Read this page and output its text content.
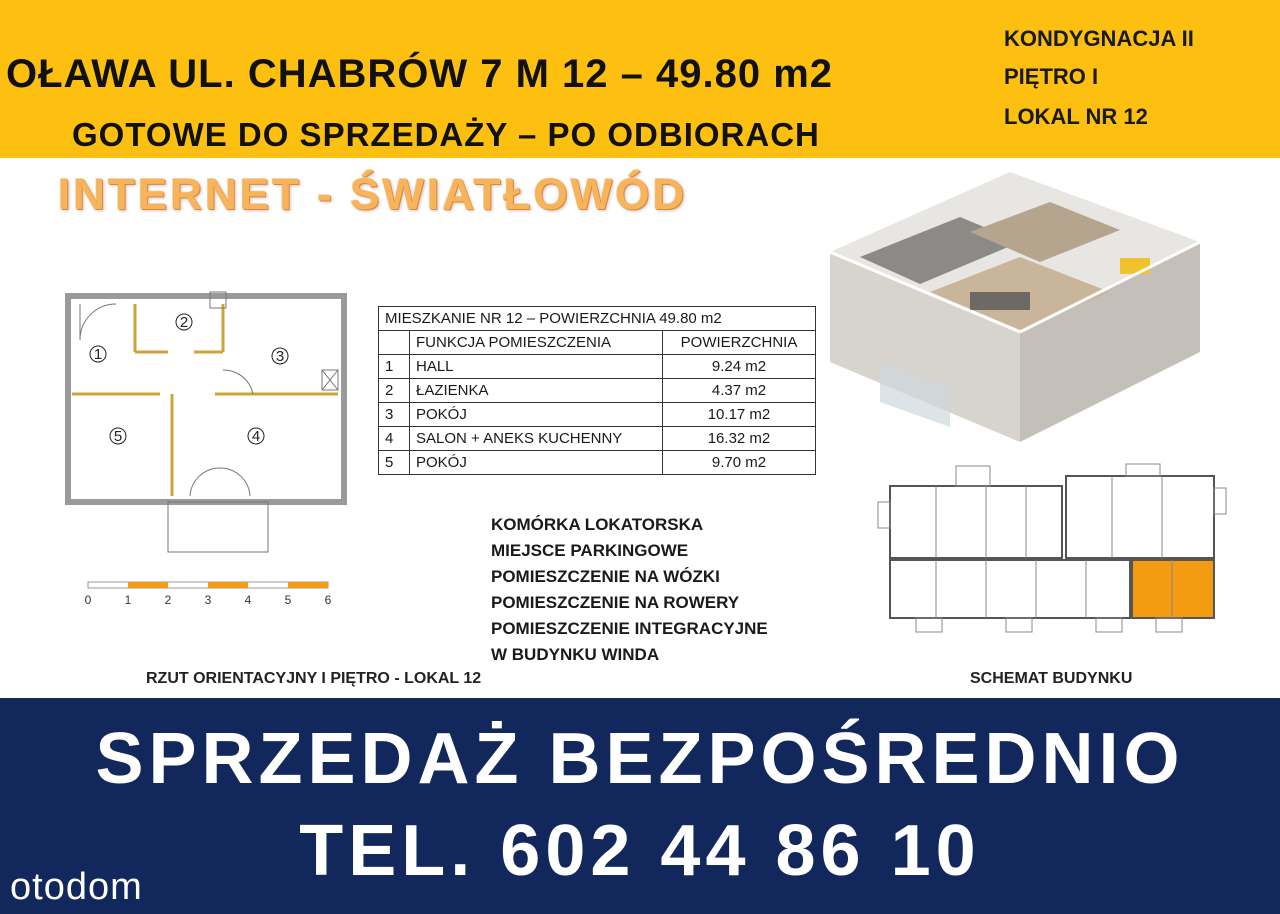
OŁAWA UL. CHABRÓW 7 M 12 – 49.80 m2
GOTOWE DO SPRZEDAŻY – PO ODBIORACH
KONDYGNACJA II
PIĘTRO I
LOKAL NR 12
INTERNET - ŚWIATŁOWÓD
1
2
3
4
5
0	1	2	3	4	5	6
RZUT ORIENTACYJNY I PIĘTRO - LOKAL 12
MIESZKANIE NR 12 – POWIERZCHNIA 49.80 m2		
	FUNKCJA POMIESZCZENIA	POWIERZCHNIA
1	HALL	9.24 m2
2	ŁAZIENKA	4.37 m2
3	POKÓJ	10.17 m2
4	SALON + ANEKS KUCHENNY	16.32 m2
5	POKÓJ	9.70 m2
KOMÓRKA LOKATORSKA
MIEJSCE PARKINGOWE
POMIESZCZENIE NA WÓZKI
POMIESZCZENIE NA ROWERY
POMIESZCZENIE INTEGRACYJNE
W BUDYNKU WINDA
SCHEMAT BUDYNKU
SPRZEDAŻ BEZPOŚREDNIO
TEL. 602 44 86 10
otodom
